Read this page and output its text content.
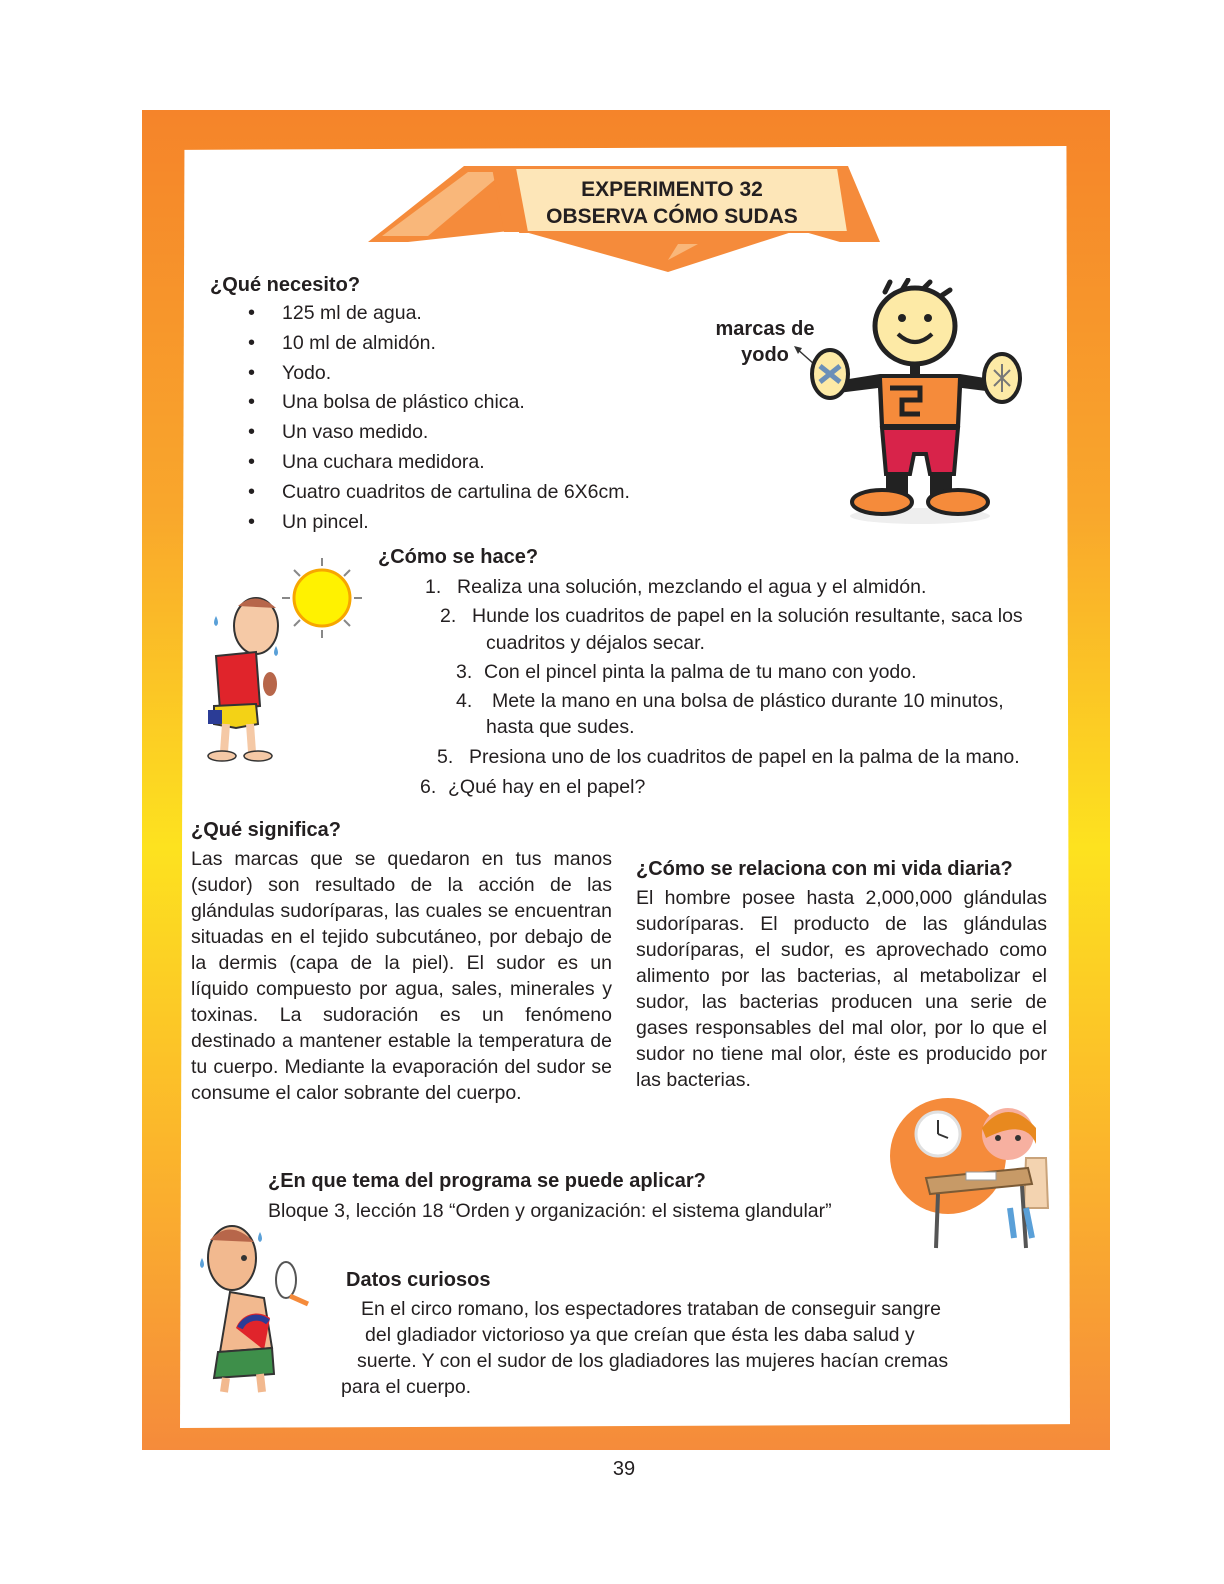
EXPERIMENTO 32
OBSERVA CÓMO SUDAS

¿Qué necesito?

• 125 ml de agua.
• 10 ml de almidón.
• Yodo.
• Una bolsa de plástico chica.
• Un vaso medido.
• Una cuchara medidora.
• Cuatro cuadritos de cartulina de 6X6cm.
• Un pincel.
marcas de
yodo

¿Cómo se hace?

1. Realiza una solución, mezclando el agua y el almidón.
2. Hunde los cuadritos de papel en la solución resultante, saca los
cuadritos y déjalos secar.
3. Con el pincel pinta la palma de tu mano con yodo.
4. Mete la mano en una bolsa de plástico durante 10 minutos,
hasta que sudes.
5. Presiona uno de los cuadritos de papel en la palma de la mano.
6. ¿Qué hay en el papel?

¿Qué significa?

Las marcas que se quedaron en tus manos (sudor) son resultado de la acción de las glándulas sudoríparas, las cuales se encuentran situadas en el tejido subcutáneo, por debajo de la dermis (capa de la piel). El sudor es un líquido compuesto por agua, sales, minerales y toxinas. La sudoración es un fenómeno destinado a mantener estable la temperatura de tu cuerpo. Mediante la evaporación del sudor se consume el calor sobrante del cuerpo.

¿Cómo se relaciona con mi vida diaria?

El hombre posee hasta 2,000,000 glándulas sudoríparas. El producto de las glándulas sudoríparas, el sudor, es aprovechado como alimento por las bacterias, al metabolizar el sudor, las bacterias producen una serie de gases responsables del mal olor, por lo que el sudor no tiene mal olor, éste es producido por las bacterias.

¿En que tema del programa se puede aplicar?

Bloque 3, lección 18 “Orden y organización: el sistema glandular”

Datos curiosos

En el circo romano, los espectadores trataban de conseguir sangre

del gladiador victorioso ya que creían que ésta les daba salud y

suerte. Y con el sudor de los gladiadores las mujeres hacían cremas

para el cuerpo.

39
